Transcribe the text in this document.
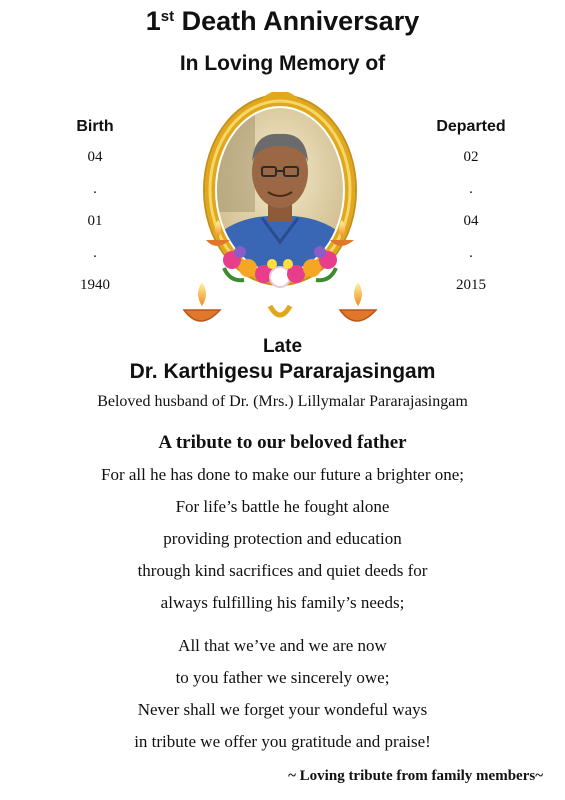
1st Death Anniversary
In Loving Memory of
Birth
04
.
01
.
1940
Departed
02
.
04
.
2015
Late
Dr. Karthigesu Pararajasingam
Beloved husband of Dr. (Mrs.) Lillymalar Pararajasingam
A tribute to our beloved father
For all he has done to make our future a brighter one;
For life’s battle he fought alone
providing protection and education
through kind sacrifices and quiet deeds for
always fulfilling his family’s needs;
All that we’ve and we are now
to you father we sincerely owe;
Never shall we forget your wondeful ways
in tribute we offer you gratitude and praise!
~ Loving tribute from family members~
